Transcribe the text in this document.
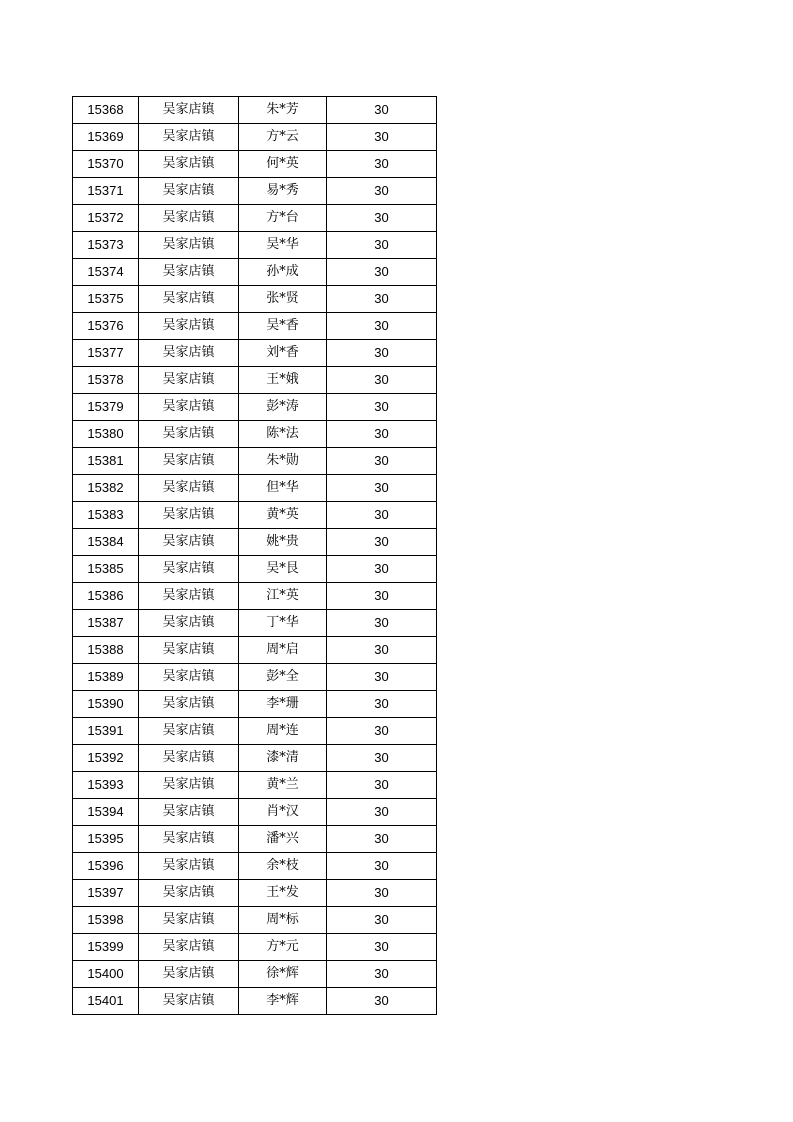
15368	吴家店镇	朱*芳	30
15369	吴家店镇	方*云	30
15370	吴家店镇	何*英	30
15371	吴家店镇	易*秀	30
15372	吴家店镇	方*台	30
15373	吴家店镇	吴*华	30
15374	吴家店镇	孙*成	30
15375	吴家店镇	张*贤	30
15376	吴家店镇	吴*香	30
15377	吴家店镇	刘*香	30
15378	吴家店镇	王*娥	30
15379	吴家店镇	彭*涛	30
15380	吴家店镇	陈*法	30
15381	吴家店镇	朱*勋	30
15382	吴家店镇	但*华	30
15383	吴家店镇	黄*英	30
15384	吴家店镇	姚*贵	30
15385	吴家店镇	吴*艮	30
15386	吴家店镇	江*英	30
15387	吴家店镇	丁*华	30
15388	吴家店镇	周*启	30
15389	吴家店镇	彭*全	30
15390	吴家店镇	李*珊	30
15391	吴家店镇	周*连	30
15392	吴家店镇	漆*清	30
15393	吴家店镇	黄*兰	30
15394	吴家店镇	肖*汉	30
15395	吴家店镇	潘*兴	30
15396	吴家店镇	余*枝	30
15397	吴家店镇	王*发	30
15398	吴家店镇	周*标	30
15399	吴家店镇	方*元	30
15400	吴家店镇	徐*辉	30
15401	吴家店镇	李*辉	30
